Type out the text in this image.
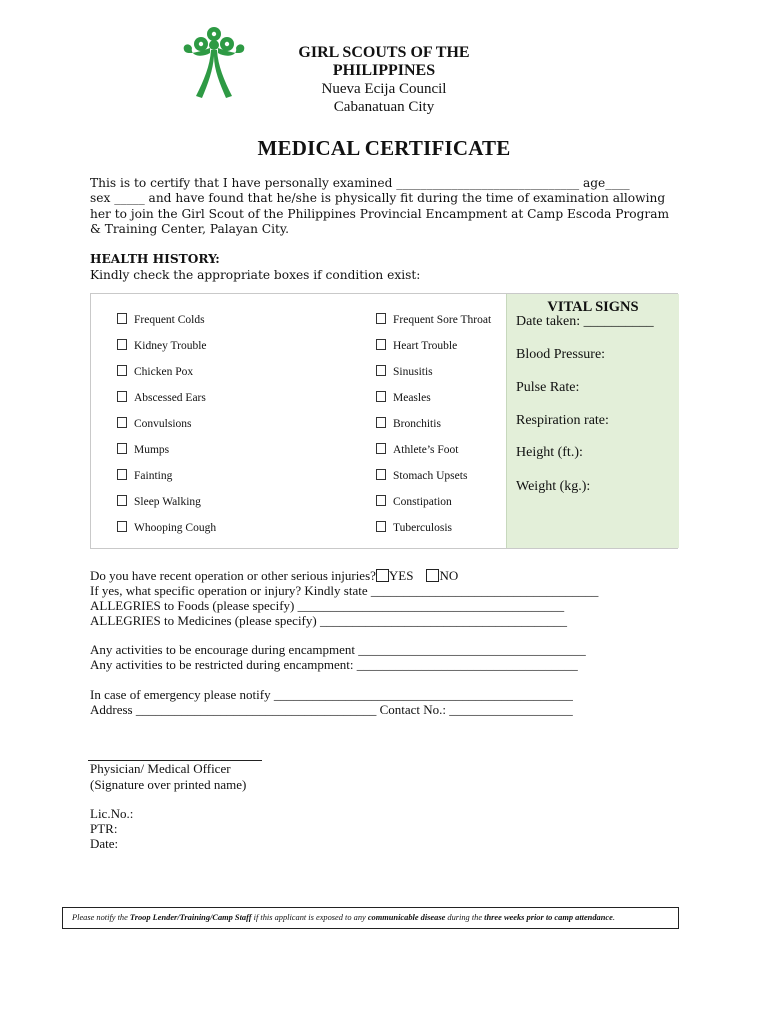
GIRL SCOUTS OF THE PHILIPPINES
Nueva Ecija Council
Cabanatuan City
MEDICAL CERTIFICATE
This is to certify that I have personally examined ______________________________ age____
sex _____ and have found that he/she is physically fit during the time of examination allowing
her to join the Girl Scout of the Philippines Provincial Encampment at Camp Escoda Program
& Training Center, Palayan City.
HEALTH HISTORY:
Kindly check the appropriate boxes if condition exist:
Frequent Colds
Kidney Trouble
Chicken Pox
Abscessed Ears
Convulsions
Mumps
Fainting
Sleep Walking
Whooping Cough
Frequent Sore Throat
Heart Trouble
Sinusitis
Measles
Bronchitis
Athlete’s Foot
Stomach Upsets
Constipation
Tuberculosis
VITAL SIGNS
Date taken: __________
Blood Pressure:
Pulse Rate:
Respiration rate:
Height (ft.):
Weight (kg.):
Do you have recent operation or other serious injuries? YES NO
If yes, what specific operation or injury? Kindly state ___________________________________
ALLEGRIES to Foods (please specify) _________________________________________
ALLEGRIES to Medicines (please specify) ______________________________________
Any activities to be encourage during encampment ___________________________________
Any activities to be restricted during encampment: __________________________________
In case of emergency please notify ______________________________________________
Address _____________________________________ Contact No.: ___________________
Physician/ Medical Officer
(Signature over printed name)
Lic.No.:
PTR:
Date:
Please notify the Troop Lender/Training/Camp Staff if this applicant is exposed to any communicable disease during the three weeks prior to camp attendance.
